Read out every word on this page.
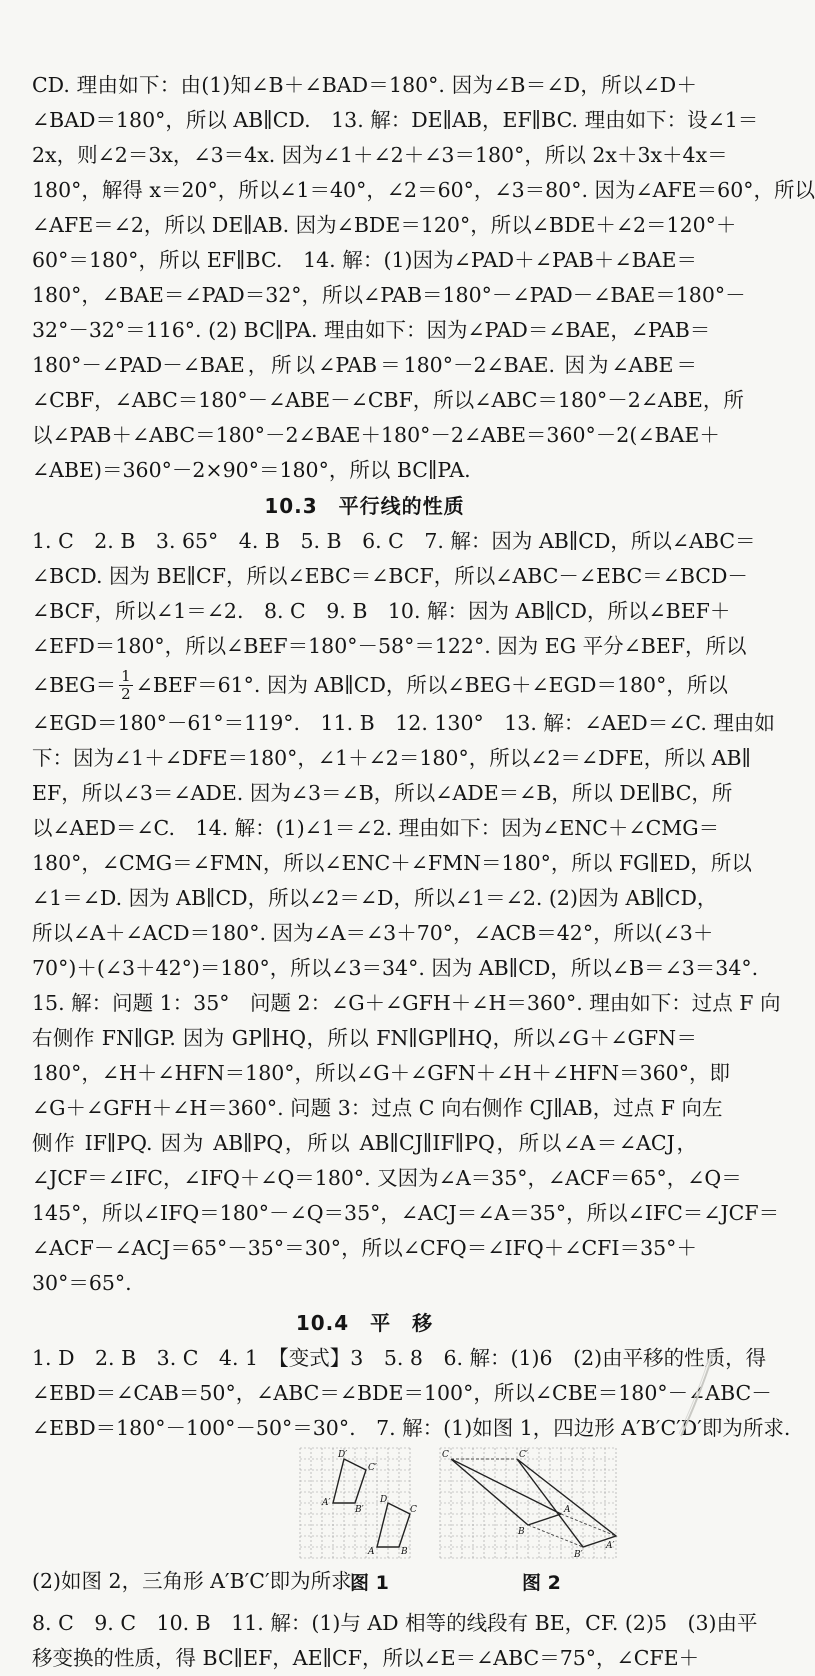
CD. 理由如下：由(1)知∠B＋∠BAD＝180°. 因为∠B＝∠D，所以∠D＋
∠BAD＝180°，所以 AB∥CD.　13. 解：DE∥AB，EF∥BC. 理由如下：设∠1＝
2x，则∠2＝3x，∠3＝4x. 因为∠1＋∠2＋∠3＝180°，所以 2x＋3x＋4x＝
180°，解得 x＝20°，所以∠1＝40°，∠2＝60°，∠3＝80°. 因为∠AFE＝60°，所以
∠AFE＝∠2，所以 DE∥AB. 因为∠BDE＝120°，所以∠BDE＋∠2＝120°＋
60°＝180°，所以 EF∥BC.　14. 解：(1)因为∠PAD＋∠PAB＋∠BAE＝
180°，∠BAE＝∠PAD＝32°，所以∠PAB＝180°－∠PAD－∠BAE＝180°－
32°－32°＝116°. (2) BC∥PA. 理由如下：因为∠PAD＝∠BAE，∠PAB＝
180°－∠PAD－∠BAE，所以∠PAB＝180°－2∠BAE. 因为∠ABE＝
∠CBF，∠ABC＝180°－∠ABE－∠CBF，所以∠ABC＝180°－2∠ABE，所
以∠PAB＋∠ABC＝180°－2∠BAE＋180°－2∠ABE＝360°－2(∠BAE＋
∠ABE)＝360°－2×90°＝180°，所以 BC∥PA.
10.3　平行线的性质
1. C　2. B　3. 65°　4. B　5. B　6. C　7. 解：因为 AB∥CD，所以∠ABC＝
∠BCD. 因为 BE∥CF，所以∠EBC＝∠BCF，所以∠ABC－∠EBC＝∠BCD－
∠BCF，所以∠1＝∠2.　8. C　9. B　10. 解：因为 AB∥CD，所以∠BEF＋
∠EFD＝180°，所以∠BEF＝180°－58°＝122°. 因为 EG 平分∠BEF，所以
∠BEG＝ $\frac{1}{2}$ ∠BEF＝61°. 因为 AB∥CD，所以∠BEG＋∠EGD＝180°，所以
∠EGD＝180°－61°＝119°.　11. B　12. 130°　13. 解：∠AED＝∠C. 理由如
下：因为∠1＋∠DFE＝180°，∠1＋∠2＝180°，所以∠2＝∠DFE，所以 AB∥
EF，所以∠3＝∠ADE. 因为∠3＝∠B，所以∠ADE＝∠B，所以 DE∥BC，所
以∠AED＝∠C.　14. 解：(1)∠1＝∠2. 理由如下：因为∠ENC＋∠CMG＝
180°，∠CMG＝∠FMN，所以∠ENC＋∠FMN＝180°，所以 FG∥ED，所以
∠1＝∠D. 因为 AB∥CD，所以∠2＝∠D，所以∠1＝∠2. (2)因为 AB∥CD，
所以∠A＋∠ACD＝180°. 因为∠A＝∠3＋70°，∠ACB＝42°，所以(∠3＋
70°)＋(∠3＋42°)＝180°，所以∠3＝34°. 因为 AB∥CD，所以∠B＝∠3＝34°.
15. 解：问题 1：35°　问题 2：∠G＋∠GFH＋∠H＝360°. 理由如下：过点 F 向
右侧作 FN∥GP. 因为 GP∥HQ，所以 FN∥GP∥HQ，所以∠G＋∠GFN＝
180°，∠H＋∠HFN＝180°，所以∠G＋∠GFN＋∠H＋∠HFN＝360°，即
∠G＋∠GFH＋∠H＝360°. 问题 3：过点 C 向右侧作 CJ∥AB，过点 F 向左
侧作 IF∥PQ. 因为 AB∥PQ，所以 AB∥CJ∥IF∥PQ，所以∠A＝∠ACJ，
∠JCF＝∠IFC，∠IFQ＋∠Q＝180°. 又因为∠A＝35°，∠ACF＝65°，∠Q＝
145°，所以∠IFQ＝180°－∠Q＝35°，∠ACJ＝∠A＝35°，所以∠IFC＝∠JCF＝
∠ACF－∠ACJ＝65°－35°＝30°，所以∠CFQ＝∠IFQ＋∠CFI＝35°＋
30°＝65°.
10.4　平　移
1. D　2. B　3. C　4. 1　【变式】3　5. 8　6. 解：(1)6　(2)由平移的性质，得
∠EBD＝∠CAB＝50°，∠ABC＝∠BDE＝100°，所以∠CBE＝180°－∠ABC－
∠EBD＝180°－100°－50°＝30°.　7. 解：(1)如图 1，四边形 A′B′C′D′即为所求.
(2)如图 2，三角形 A′B′C′即为所求.
D′
C′
D
C
A′
B′
A	B
图 1
C	C′
A
B
B′
A′
图 2
8. C　9. C　10. B　11. 解：(1)与 AD 相等的线段有 BE，CF. (2)5　(3)由平
移变换的性质，得 BC∥EF，AE∥CF，所以∠E＝∠ABC＝75°，∠CFE＋
